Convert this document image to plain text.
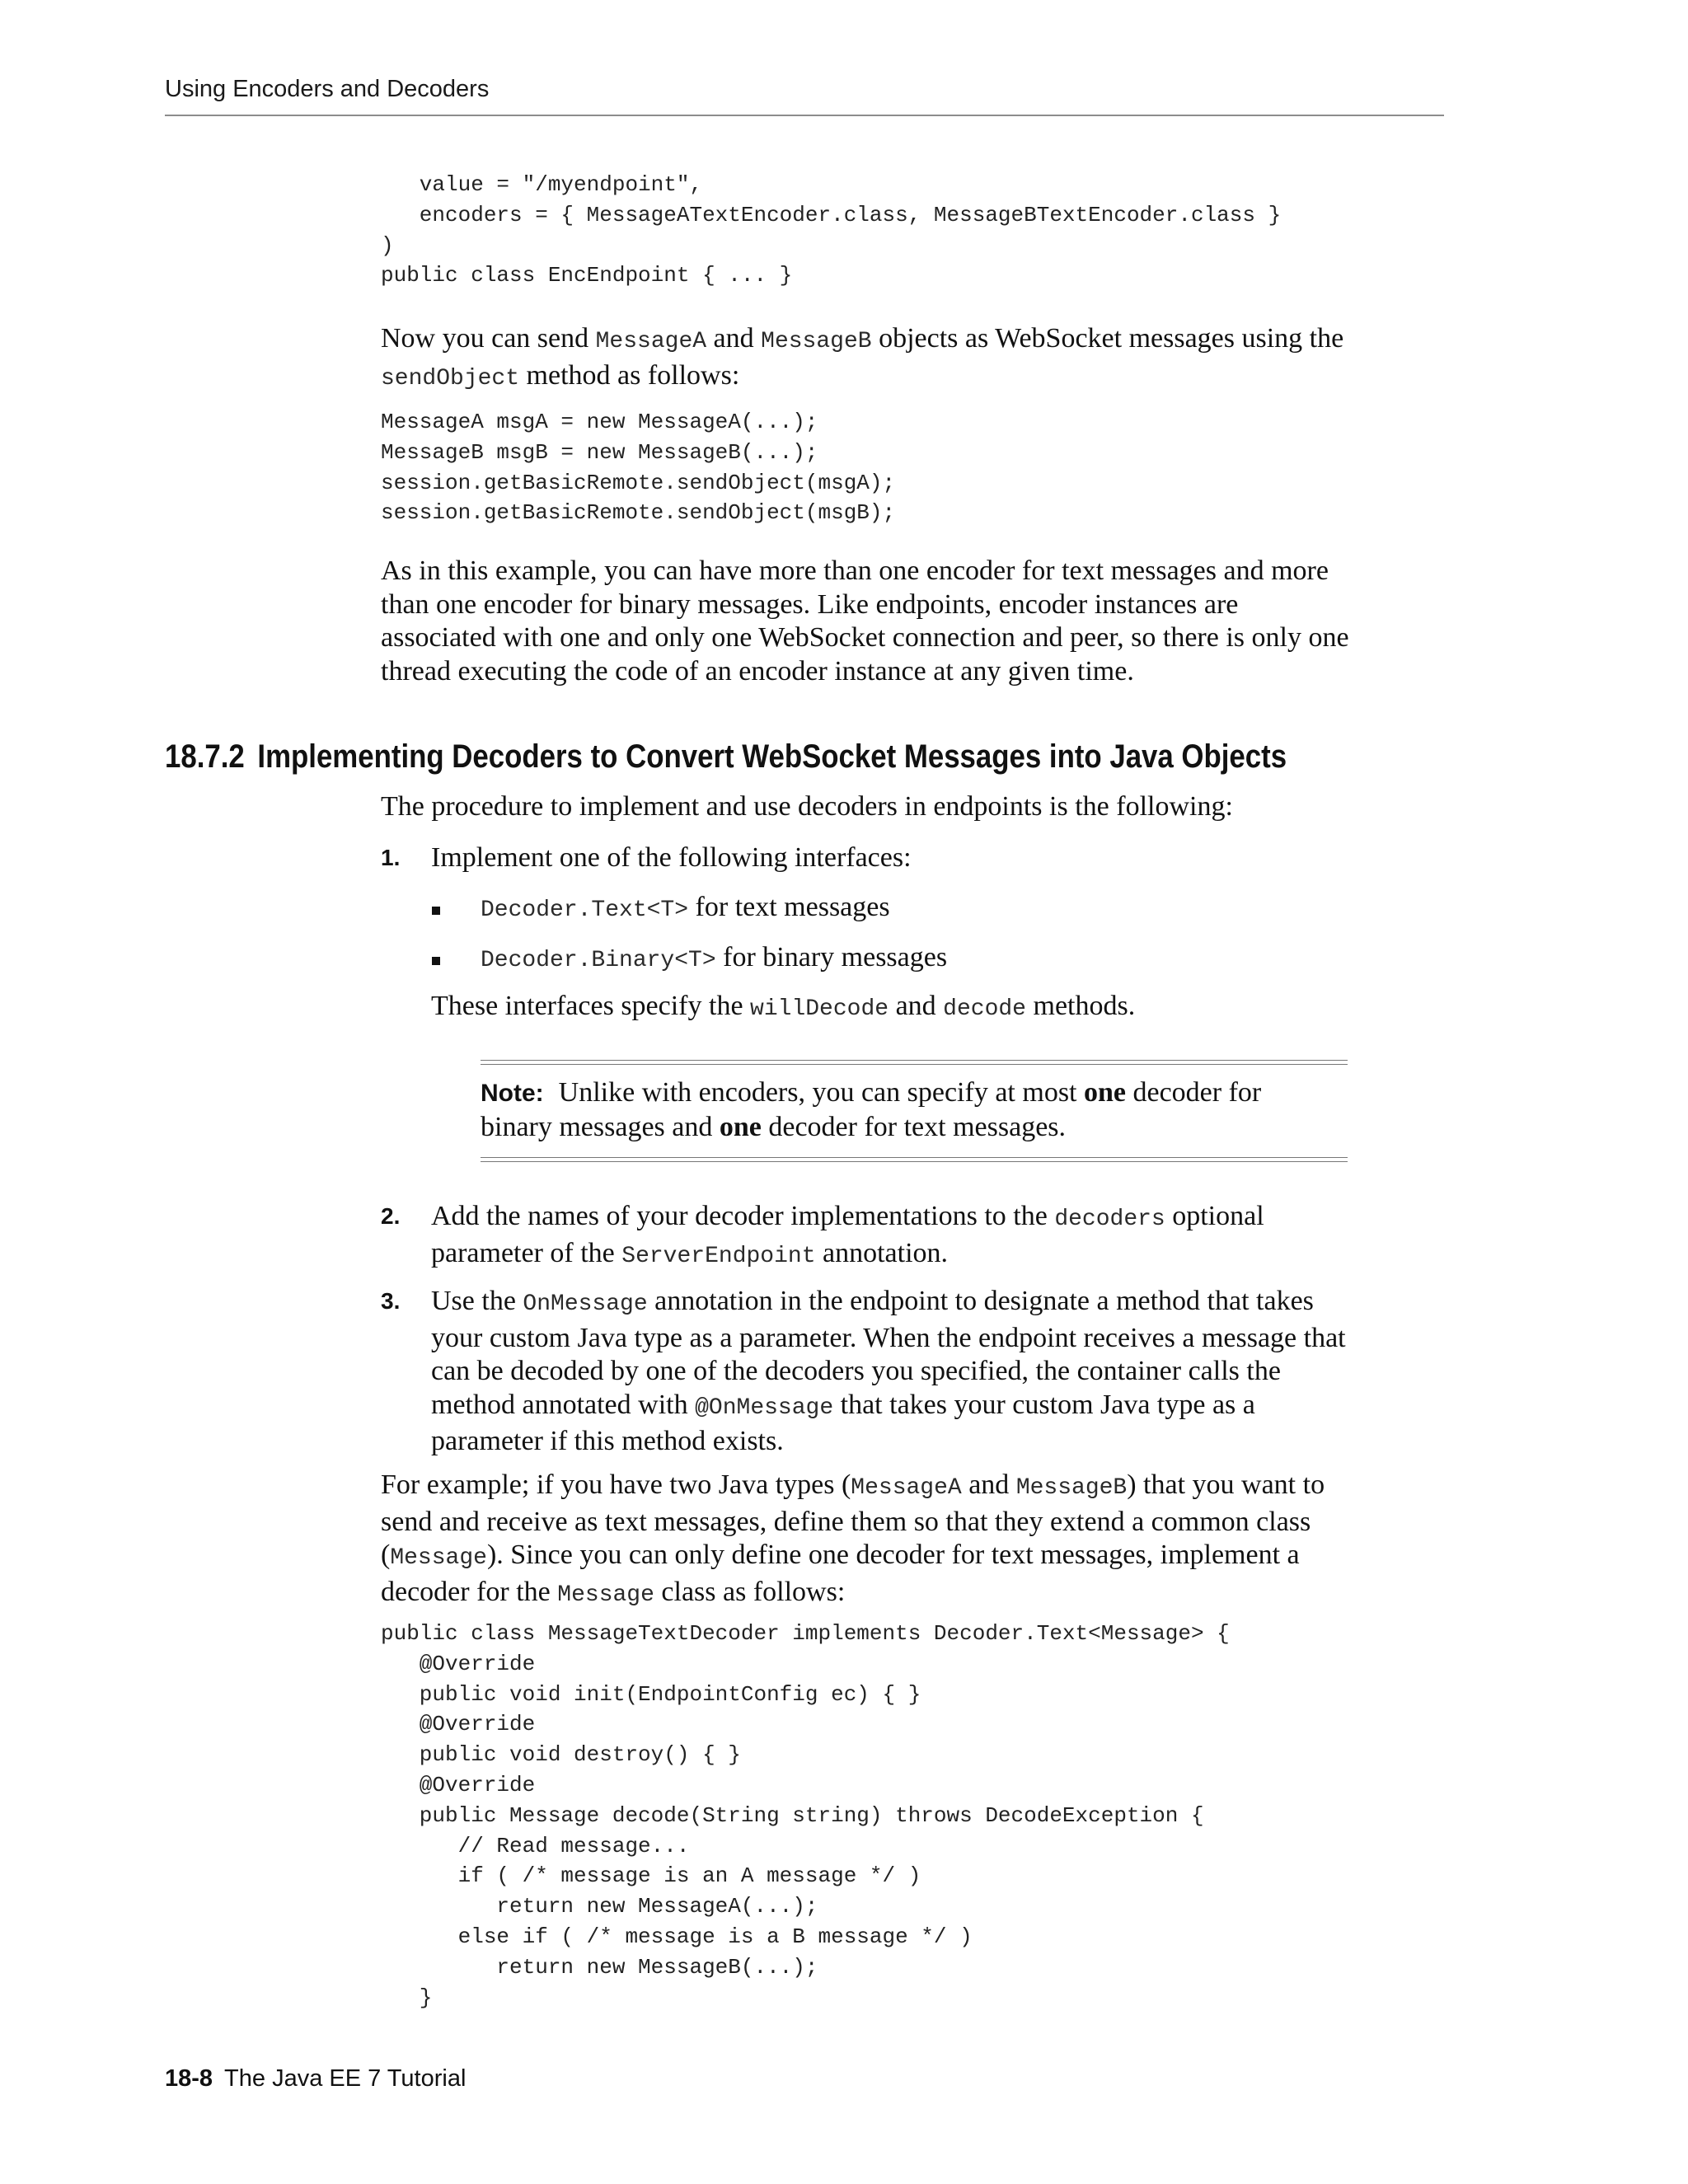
Using Encoders and Decoders
value = "/myendpoint",
encoders = { MessageATextEncoder.class, MessageBTextEncoder.class }
)
public class EncEndpoint { ... }

Now you can send MessageA and MessageB objects as WebSocket messages using the
sendObject method as follows:

MessageA msgA = new MessageA(...);
MessageB msgB = new MessageB(...);
session.getBasicRemote.sendObject(msgA);
session.getBasicRemote.sendObject(msgB);

As in this example, you can have more than one encoder for text messages and more
than one encoder for binary messages. Like endpoints, encoder instances are
associated with one and only one WebSocket connection and peer, so there is only one
thread executing the code of an encoder instance at any given time.

18.7.2 Implementing Decoders to Convert WebSocket Messages into Java Objects

The procedure to implement and use decoders in endpoints is the following:

1. Implement one of the following interfaces:

Decoder.Text<T> for text messages

Decoder.Binary<T> for binary messages

These interfaces specify the willDecode and decode methods.

Note: Unlike with encoders, you can specify at most one decoder for
binary messages and one decoder for text messages.

2. Add the names of your decoder implementations to the decoders optional
parameter of the ServerEndpoint annotation.

3. Use the OnMessage annotation in the endpoint to designate a method that takes
your custom Java type as a parameter. When the endpoint receives a message that
can be decoded by one of the decoders you specified, the container calls the
method annotated with @OnMessage that takes your custom Java type as a
parameter if this method exists.

For example; if you have two Java types (MessageA and MessageB) that you want to
send and receive as text messages, define them so that they extend a common class
(Message). Since you can only define one decoder for text messages, implement a
decoder for the Message class as follows:

public class MessageTextDecoder implements Decoder.Text<Message> {
@Override
public void init(EndpointConfig ec) { }
@Override
public void destroy() { }
@Override
public Message decode(String string) throws DecodeException {
// Read message...
if ( /* message is an A message */ )
return new MessageA(...);
else if ( /* message is a B message */ )
return new MessageB(...);
}
18-8 The Java EE 7 Tutorial
